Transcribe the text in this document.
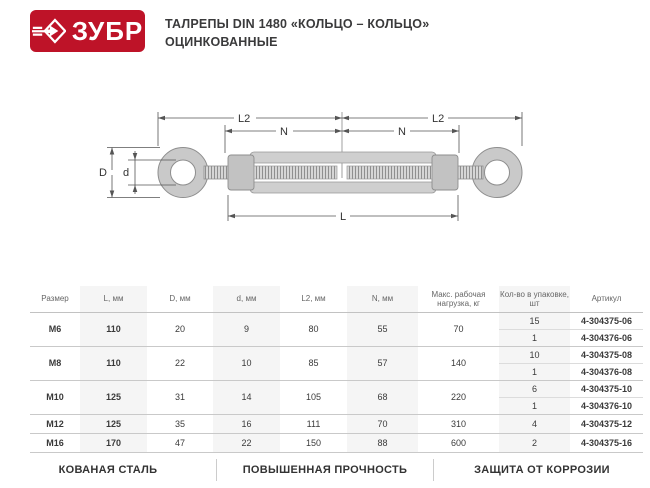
ЗУБР ТАЛРЕПЫ DIN 1480 «КОЛЬЦО – КОЛЬЦО»
ОЦИНКОВАННЫЕ
L2	L2
N	N
D d
L
Размер	L, мм	D, мм	d, мм	L2, мм	N, мм	Макс. рабочая нагрузка, кг	Кол-во в упаковке, шт	Артикул
М6	110	20	9	80	55	70	15	4-304375-06
							1	4-304376-06
М8	110	22	10	85	57	140	10	4-304375-08
							1	4-304376-08
М10	125	31	14	105	68	220	6	4-304375-10
							1	4-304376-10
М12	125	35	16	111	70	310	4	4-304375-12
М16	170	47	22	150	88	600	2	4-304375-16
КОВАНАЯ СТАЛЬ	ПОВЫШЕННАЯ ПРОЧНОСТЬ	ЗАЩИТА ОТ КОРРОЗИИ
